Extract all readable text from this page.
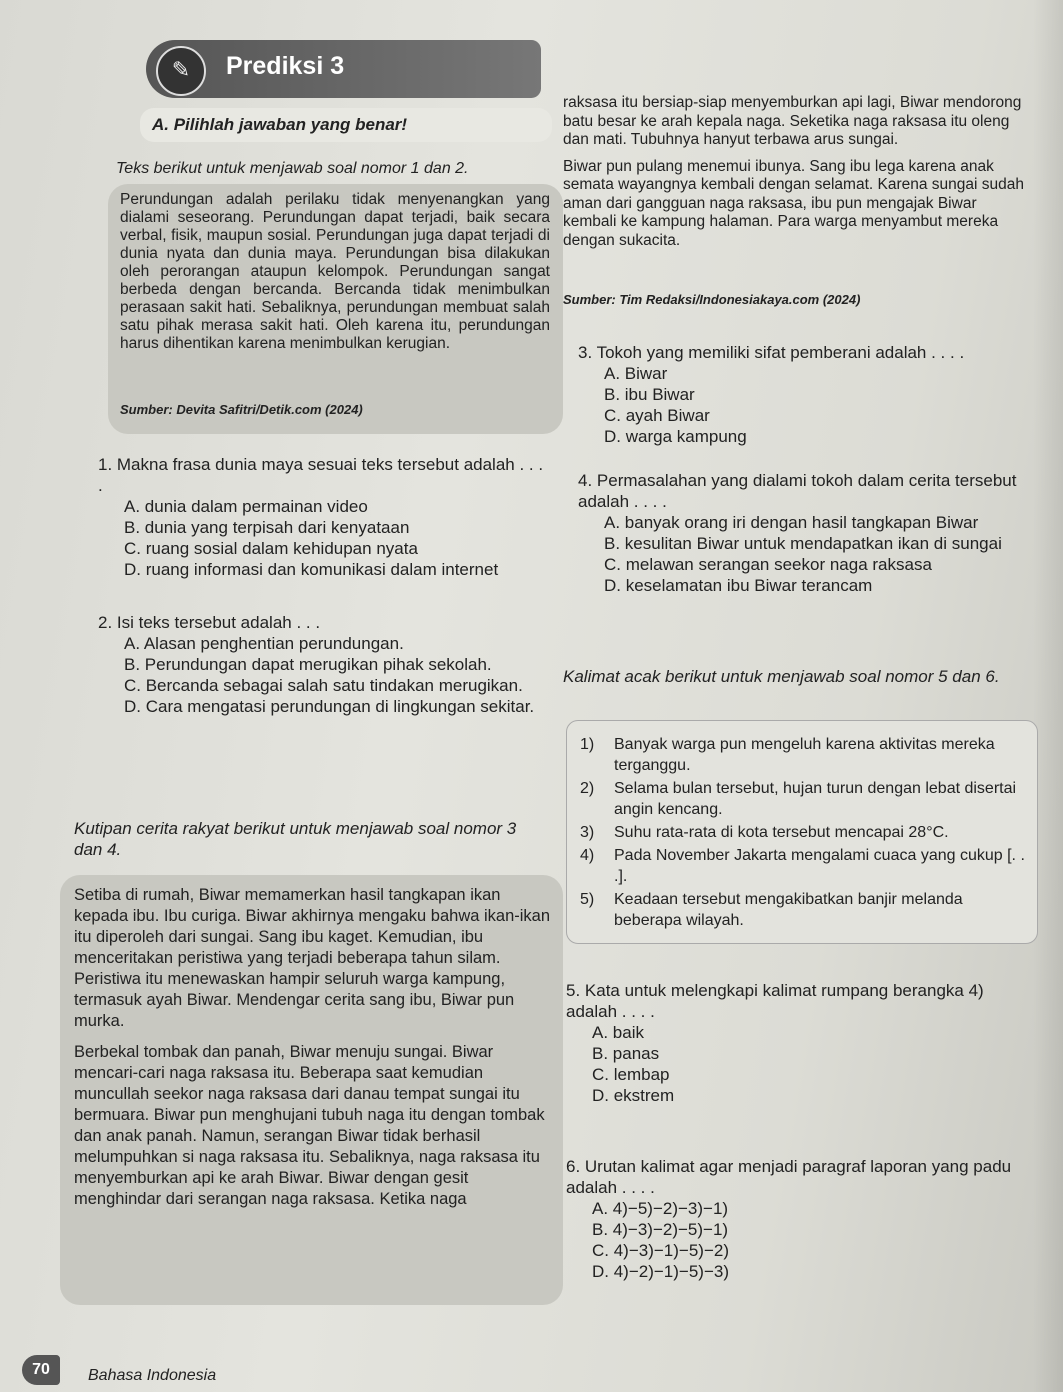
✎	Prediksi 3
A. Pilihlah jawaban yang benar!
Teks berikut untuk menjawab soal nomor 1 dan 2.
Perundungan adalah perilaku tidak menyenangkan yang dialami seseorang. Perundungan dapat terjadi, baik secara verbal, fisik, maupun sosial. Perundungan juga dapat terjadi di dunia nyata dan dunia maya. Perundungan bisa dilakukan oleh perorangan ataupun kelompok. Perundungan sangat berbeda dengan bercanda. Bercanda tidak menimbulkan perasaan sakit hati. Sebaliknya, perundungan membuat salah satu pihak merasa sakit hati. Oleh karena itu, perundungan harus dihentikan karena menimbulkan kerugian.
Sumber: Devita Safitri/Detik.com (2024)
1. Makna frasa dunia maya sesuai teks tersebut adalah . . . .
A. dunia dalam permainan video
B. dunia yang terpisah dari kenyataan
C. ruang sosial dalam kehidupan nyata
D. ruang informasi dan komunikasi dalam internet
2. Isi teks tersebut adalah . . .
A. Alasan penghentian perundungan.
B. Perundungan dapat merugikan pihak sekolah.
C. Bercanda sebagai salah satu tindakan merugikan.
D. Cara mengatasi perundungan di lingkungan sekitar.
Kutipan cerita rakyat berikut untuk menjawab soal nomor 3 dan 4.
Setiba di rumah, Biwar memamerkan hasil tangkapan ikan kepada ibu. Ibu curiga. Biwar akhirnya mengaku bahwa ikan-ikan itu diperoleh dari sungai. Sang ibu kaget. Kemudian, ibu menceritakan peristiwa yang terjadi beberapa tahun silam. Peristiwa itu menewaskan hampir seluruh warga kampung, termasuk ayah Biwar. Mendengar cerita sang ibu, Biwar pun murka.
Berbekal tombak dan panah, Biwar menuju sungai. Biwar mencari-cari naga raksasa itu. Beberapa saat kemudian muncullah seekor naga raksasa dari danau tempat sungai itu bermuara. Biwar pun menghujani tubuh naga itu dengan tombak dan anak panah. Namun, serangan Biwar tidak berhasil melumpuhkan si naga raksasa itu. Sebaliknya, naga raksasa itu menyemburkan api ke arah Biwar. Biwar dengan gesit menghindar dari serangan naga raksasa. Ketika naga
raksasa itu bersiap-siap menyemburkan api lagi, Biwar mendorong batu besar ke arah kepala naga. Seketika naga raksasa itu oleng dan mati. Tubuhnya hanyut terbawa arus sungai.
Biwar pun pulang menemui ibunya. Sang ibu lega karena anak semata wayangnya kembali dengan selamat. Karena sungai sudah aman dari gangguan naga raksasa, ibu pun mengajak Biwar kembali ke kampung halaman. Para warga menyambut mereka dengan sukacita.
Sumber: Tim Redaksi/Indonesiakaya.com (2024)
3. Tokoh yang memiliki sifat pemberani adalah . . . .
A. Biwar
B. ibu Biwar
C. ayah Biwar
D. warga kampung
4. Permasalahan yang dialami tokoh dalam cerita tersebut adalah . . . .
A. banyak orang iri dengan hasil tangkapan Biwar
B. kesulitan Biwar untuk mendapatkan ikan di sungai
C. melawan serangan seekor naga raksasa
D. keselamatan ibu Biwar terancam
Kalimat acak berikut untuk menjawab soal nomor 5 dan 6.
1)	Banyak warga pun mengeluh karena aktivitas mereka terganggu.
2)	Selama bulan tersebut, hujan turun dengan lebat disertai angin kencang.
3)	Suhu rata-rata di kota tersebut mencapai 28°C.
4)	Pada November Jakarta mengalami cuaca yang cukup [. . .].
5)	Keadaan tersebut mengakibatkan banjir melanda beberapa wilayah.
5. Kata untuk melengkapi kalimat rumpang berangka 4) adalah . . . .
A. baik
B. panas
C. lembap
D. ekstrem
6. Urutan kalimat agar menjadi paragraf laporan yang padu adalah . . . .
A. 4)−5)−2)−3)−1)
B. 4)−3)−2)−5)−1)
C. 4)−3)−1)−5)−2)
D. 4)−2)−1)−5)−3)
70	Bahasa Indonesia
